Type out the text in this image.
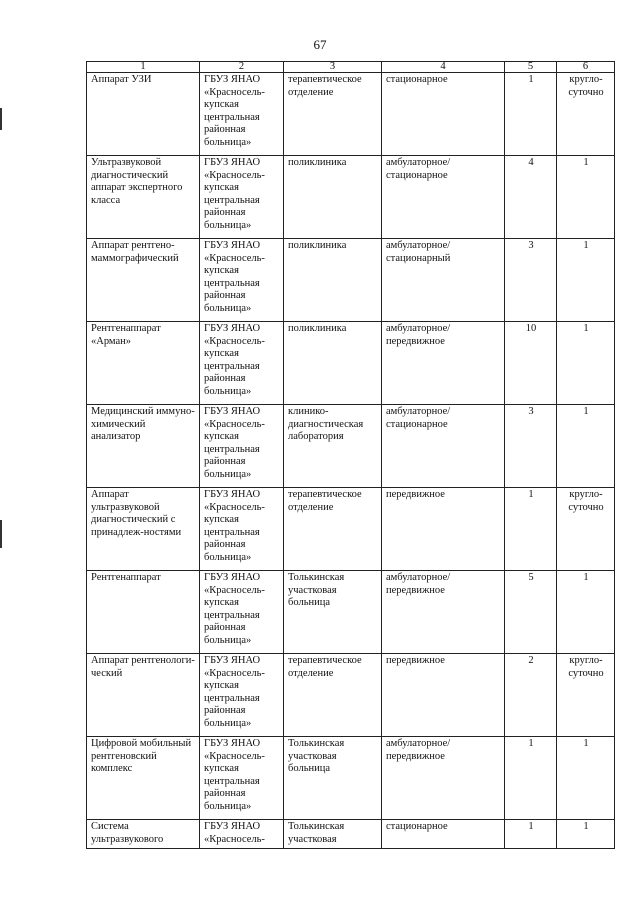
67
1	2	3	4	5	6
Аппарат УЗИ	ГБУЗ ЯНАО «Красносель-купская центральная районная больница»	терапевтическое отделение	стационарное	1	кругло-суточно
Ультразвуковой диагностический аппарат экспертного класса	ГБУЗ ЯНАО «Красносель-купская центральная районная больница»	поликлиника	амбулаторное/ стационарное	4	1
Аппарат рентгено-маммографический	ГБУЗ ЯНАО «Красносель-купская центральная районная больница»	поликлиника	амбулаторное/ стационарный	3	1
Рентгенаппарат «Арман»	ГБУЗ ЯНАО «Красносель-купская центральная районная больница»	поликлиника	амбулаторное/ передвижное	10	1
Медицинский иммуно-химический анализатор	ГБУЗ ЯНАО «Красносель-купская центральная районная больница»	клинико-диагностическая лаборатория	амбулаторное/ стационарное	3	1
Аппарат ультразвуковой диагностический с принадлеж-ностями	ГБУЗ ЯНАО «Красносель-купская центральная районная больница»	терапевтическое отделение	передвижное	1	кругло-суточно
Рентгенаппарат	ГБУЗ ЯНАО «Красносель-купская центральная районная больница»	Толькинская участковая больница	амбулаторное/ передвижное	5	1
Аппарат рентгенологи-ческий	ГБУЗ ЯНАО «Красносель-купская центральная районная больница»	терапевтическое отделение	передвижное	2	кругло-суточно
Цифровой мобильный рентгеновский комплекс	ГБУЗ ЯНАО «Красносель-купская центральная районная больница»	Толькинская участковая больница	амбулаторное/ передвижное	1	1
Система ультразвукового	ГБУЗ ЯНАО «Красносель-	Толькинская участковая	стационарное	1	1
